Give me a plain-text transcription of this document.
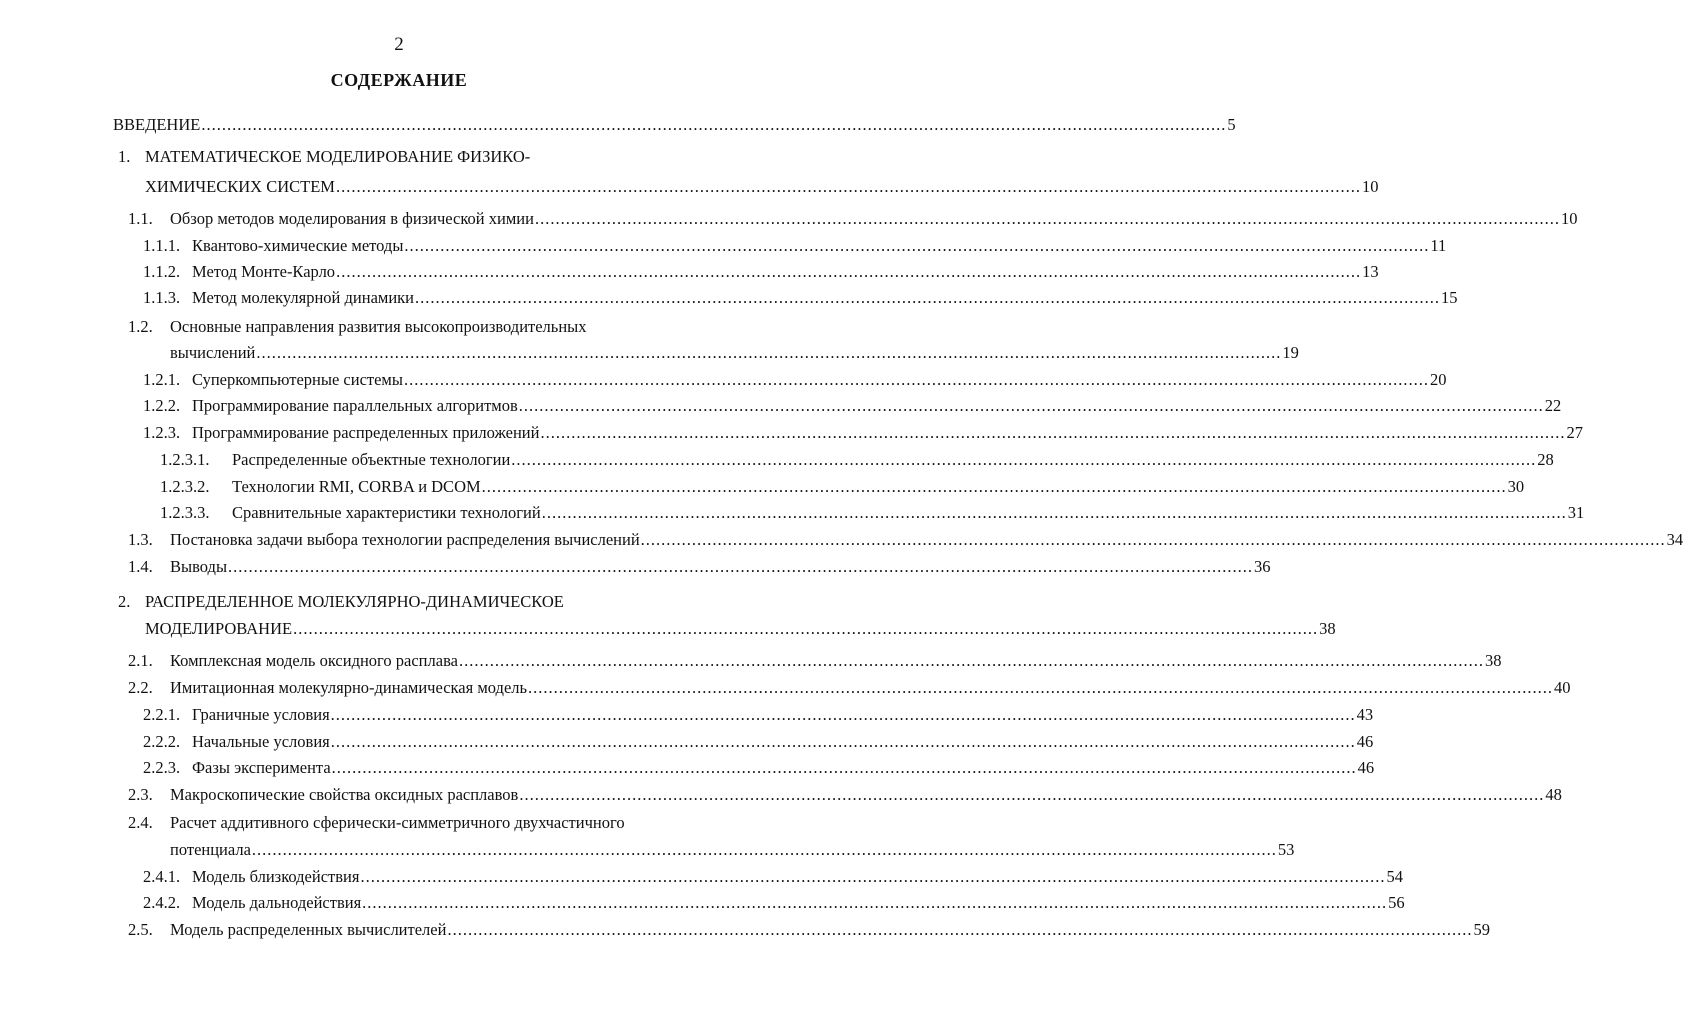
2
СОДЕРЖАНИЕ
ВВЕДЕНИЕ ........................................................................................................................................................................................................ 5
1. МАТЕМАТИЧЕСКОЕ МОДЕЛИРОВАНИЕ ФИЗИКО-
ХИМИЧЕСКИХ СИСТЕМ ........................................................................................................................................................................................................ 10
1.1. Обзор методов моделирования в физической химии ........................................................................................................................................................................................................ 10
1.1.1. Квантово-химические методы ........................................................................................................................................................................................................ 11
1.1.2. Метод Монте-Карло ........................................................................................................................................................................................................ 13
1.1.3. Метод молекулярной динамики ........................................................................................................................................................................................................ 15
1.2. Основные направления развития высокопроизводительных
вычислений ........................................................................................................................................................................................................ 19
1.2.1. Суперкомпьютерные системы ........................................................................................................................................................................................................ 20
1.2.2. Программирование параллельных алгоритмов ........................................................................................................................................................................................................ 22
1.2.3. Программирование распределенных приложений ........................................................................................................................................................................................................ 27
1.2.3.1. Распределенные объектные технологии ........................................................................................................................................................................................................ 28
1.2.3.2. Технологии RMI, CORBA и DCOM ........................................................................................................................................................................................................ 30
1.2.3.3. Сравнительные характеристики технологий ........................................................................................................................................................................................................ 31
1.3. Постановка задачи выбора технологии распределения вычислений ........................................................................................................................................................................................................ 34
1.4. Выводы ........................................................................................................................................................................................................ 36
2. РАСПРЕДЕЛЕННОЕ МОЛЕКУЛЯРНО-ДИНАМИЧЕСКОЕ
МОДЕЛИРОВАНИЕ ........................................................................................................................................................................................................ 38
2.1. Комплексная модель оксидного расплава ........................................................................................................................................................................................................ 38
2.2. Имитационная молекулярно-динамическая модель ........................................................................................................................................................................................................ 40
2.2.1. Граничные условия ........................................................................................................................................................................................................ 43
2.2.2. Начальные условия ........................................................................................................................................................................................................ 46
2.2.3. Фазы эксперимента ........................................................................................................................................................................................................ 46
2.3. Макроскопические свойства оксидных расплавов ........................................................................................................................................................................................................ 48
2.4. Расчет аддитивного сферически-симметричного двухчастичного
потенциала ........................................................................................................................................................................................................ 53
2.4.1. Модель близкодействия ........................................................................................................................................................................................................ 54
2.4.2. Модель дальнодействия ........................................................................................................................................................................................................ 56
2.5. Модель распределенных вычислителей ........................................................................................................................................................................................................ 59
